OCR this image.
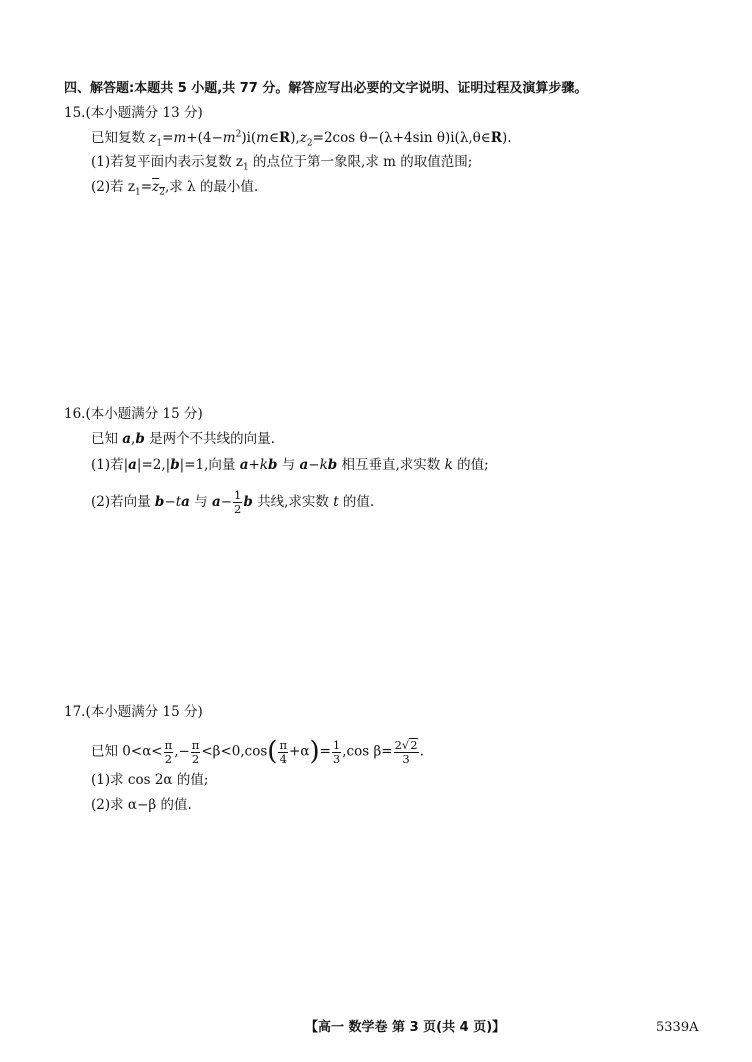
四、解答题:本题共 5 小题,共 77 分。解答应写出必要的文字说明、证明过程及演算步骤。
15.(本小题满分 13 分)
已知复数 $z_1=m+(4-m^2)i(m\in R),z_2=2\cos$ θ−(λ+4sin θ)i(λ,θ∈R).
(1)若复平面内表示复数 $z_1$ 的点位于第一象限,求 m 的取值范围;
(2)若 $z_1=z_2$,求 λ 的最小值.
16.(本小题满分 15 分)
已知 a,b 是两个不共线的向量.
(1)若|a|=2,|b|=1,向量 a+kb 与 a−kb 相互垂直,求实数 k 的值;
(2)若向量 b−ta 与 $a- \frac{1}{2}$ b 共线,求实数 t 的值.
17.(本小题满分 15 分)
已知 $0<\alpha< \frac{\pi}{2}$ ,− $\frac{\pi}{2} <\beta<0,\cos( \frac{\pi}{4} +\alpha)= \frac{1}{3} ,\cos$ $\beta= \frac{2√2}{3}$ .
(1)求 cos 2α 的值;
(2)求 α−β 的值.
【高一 数学卷 第 3 页(共 4 页)】	5339A
